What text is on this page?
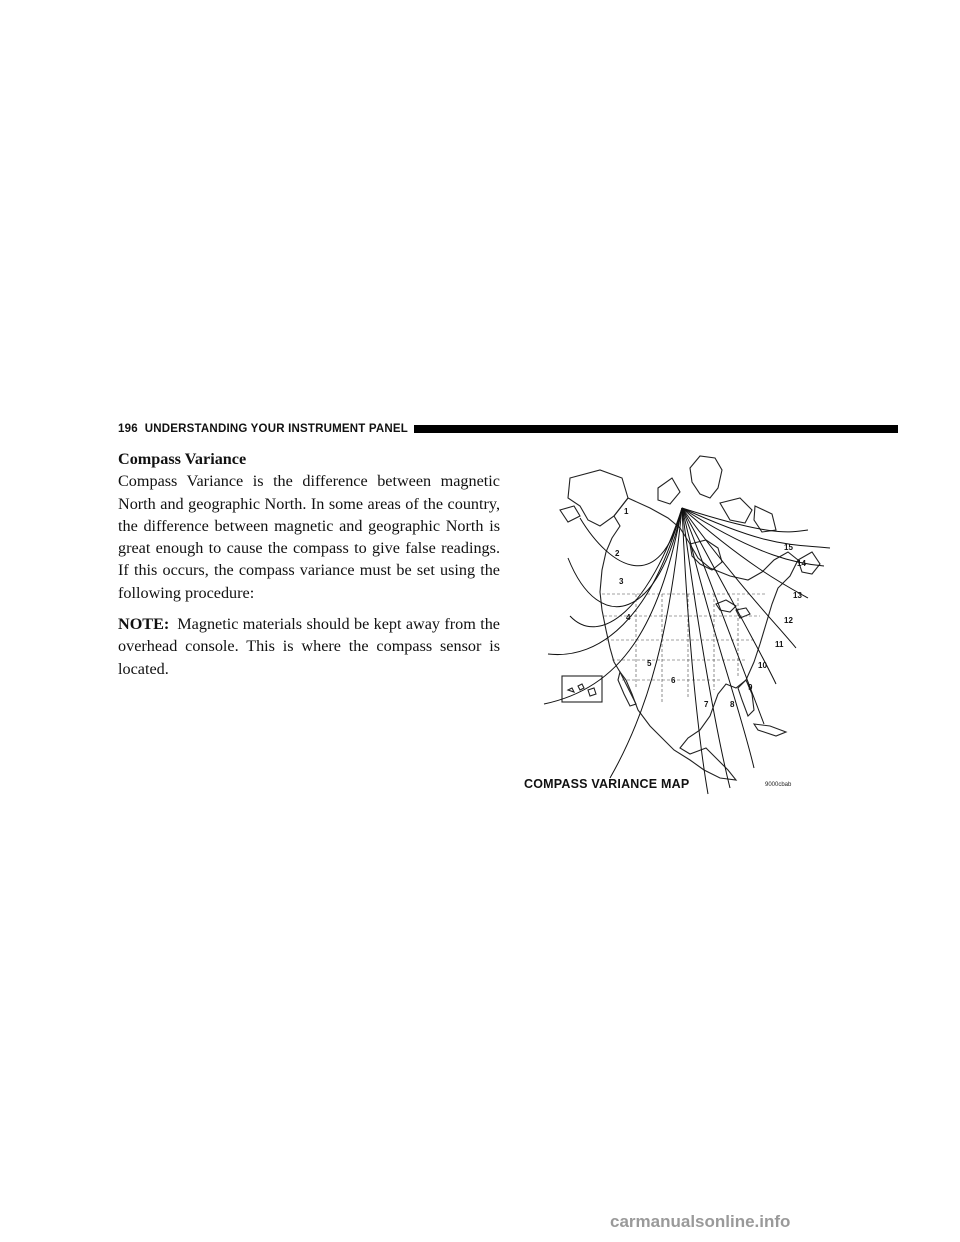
196 UNDERSTANDING YOUR INSTRUMENT PANEL
Compass Variance

Compass Variance is the difference between magnetic North and geographic North. In some areas of the country, the difference between magnetic and geographic North is great enough to cause the compass to give false readings. If this occurs, the compass variance must be set using the following procedure:

NOTE: Magnetic materials should be kept away from the overhead console. This is where the compass sensor is located.

1
2
3
4
5
6
7	8
9
10
11
12
13
14
15
COMPASS VARIANCE MAP	9000cbab
carmanualsonline.info
